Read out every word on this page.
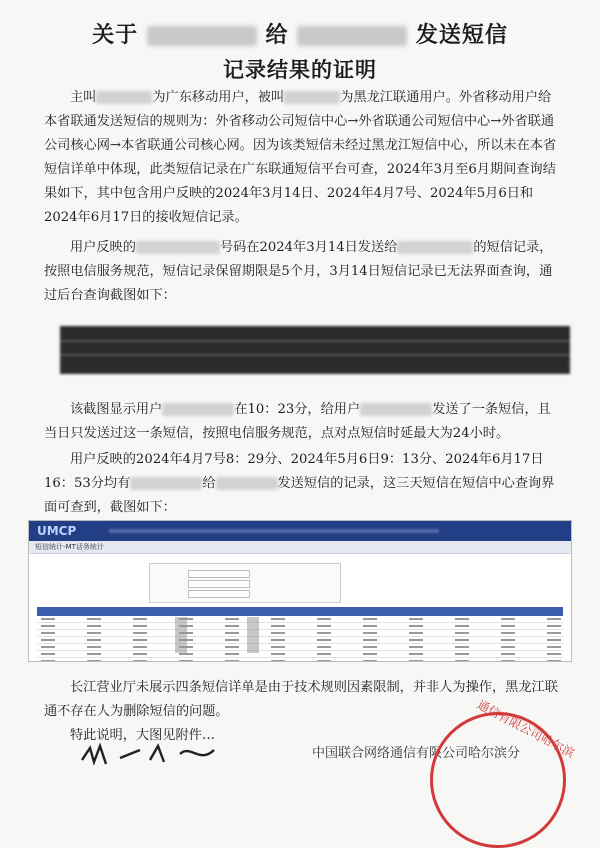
关于	给	发送短信
记录结果的证明

主叫	为广东移动用户，被叫	为黑龙江联通用户。外省移动用户给本省联通发送短信的规则为：外省移动公司短信中心→外省联通公司短信中心→外省联通公司核心网→本省联通公司核心网。因为该类短信未经过黑龙江短信中心，所以未在本省短信详单中体现，此类短信记录在广东联通短信平台可查，2024年3月至6月期间查询结果如下，其中包含用户反映的2024年3月14日、2024年4月7号、2024年5月6日和2024年6月17日的接收短信记录。

用户反映的	号码在2024年3月14日发送给	的短信记录，按照电信服务规范，短信记录保留期限是5个月，3月14日短信记录已无法界面查询，通过后台查询截图如下：

该截图显示用户	在10：23分，给用户	发送了一条短信，且当日只发送过这一条短信，按照电信服务规范，点对点短信时延最大为24小时。

用户反映的2024年4月7号8：29分、2024年5月6日9：13分、2024年6月17日16：53分均有	给	发送短信的记录，这三天短信在短信中心查询界面可查到，截图如下：

UMCP
短信统计-MT话务统计

长江营业厅未展示四条短信详单是由于技术规则因素限制，并非人为操作，黑龙江联通不存在人为删除短信的问题。

特此说明，大图见附件…

中国联合网络通信有限公司哈尔滨分
通信有限公司哈尔滨
